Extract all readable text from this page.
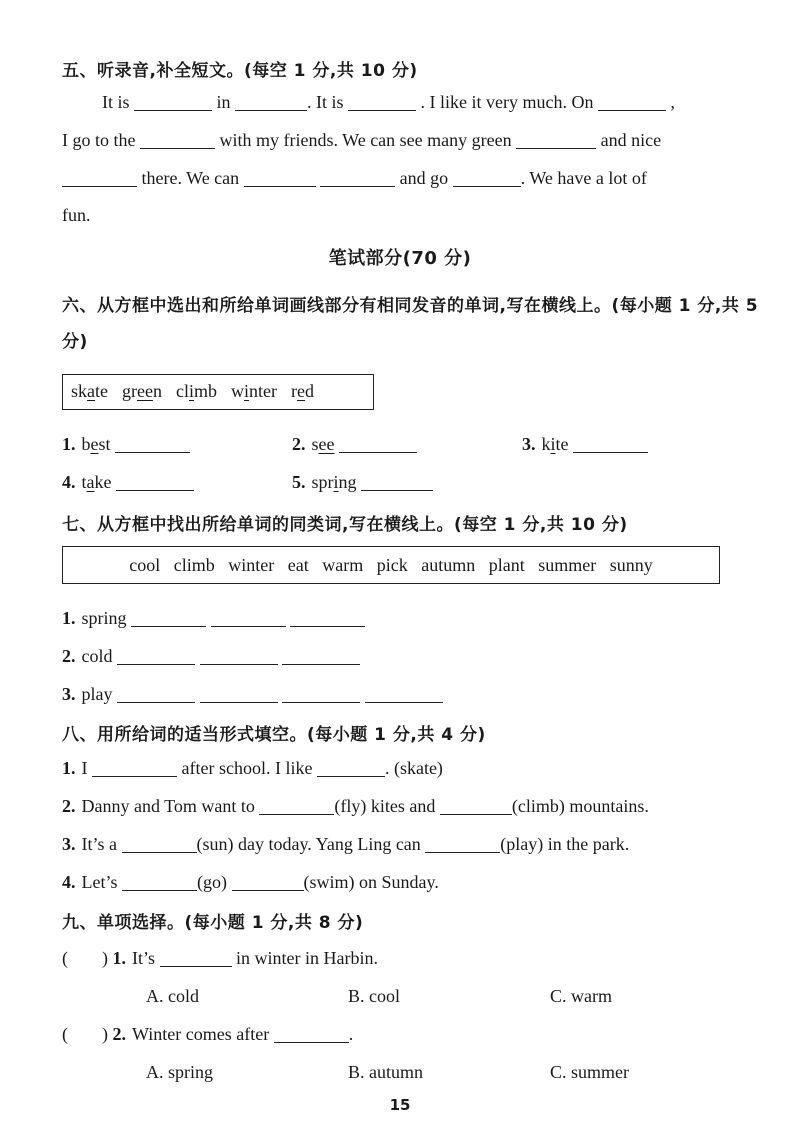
五、听录音,补全短文。(每空 1 分,共 10 分)
It is	in	. It is	. I like it very much. On	,
I go to the	with my friends. We can see many green	and nice
there. We can	and go	. We have a lot of
fun.
笔试部分(70 分)
六、从方框中选出和所给单词画线部分有相同发音的单词,写在横线上。(每小题 1 分,共 5 分)
skate green climb winter red
1. best	2. see	3. kite
4. take	5. spring
七、从方框中找出所给单词的同类词,写在横线上。(每空 1 分,共 10 分)
cool climb winter eat warm pick autumn plant summer sunny
1. spring
2. cold
3. play
八、用所给词的适当形式填空。(每小题 1 分,共 4 分)
1. I	after school. I like	. (skate)
2. Danny and Tom want to	(fly) kites and	(climb) mountains.
3. It’s a	(sun) day today. Yang Ling can	(play) in the park.
4. Let’s	(go)	(swim) on Sunday.
九、单项选择。(每小题 1 分,共 8 分)
( ) 1. It’s	in winter in Harbin.
A. cold	B. cool	C. warm
( ) 2. Winter comes after	.
A. spring	B. autumn	C. summer
15
